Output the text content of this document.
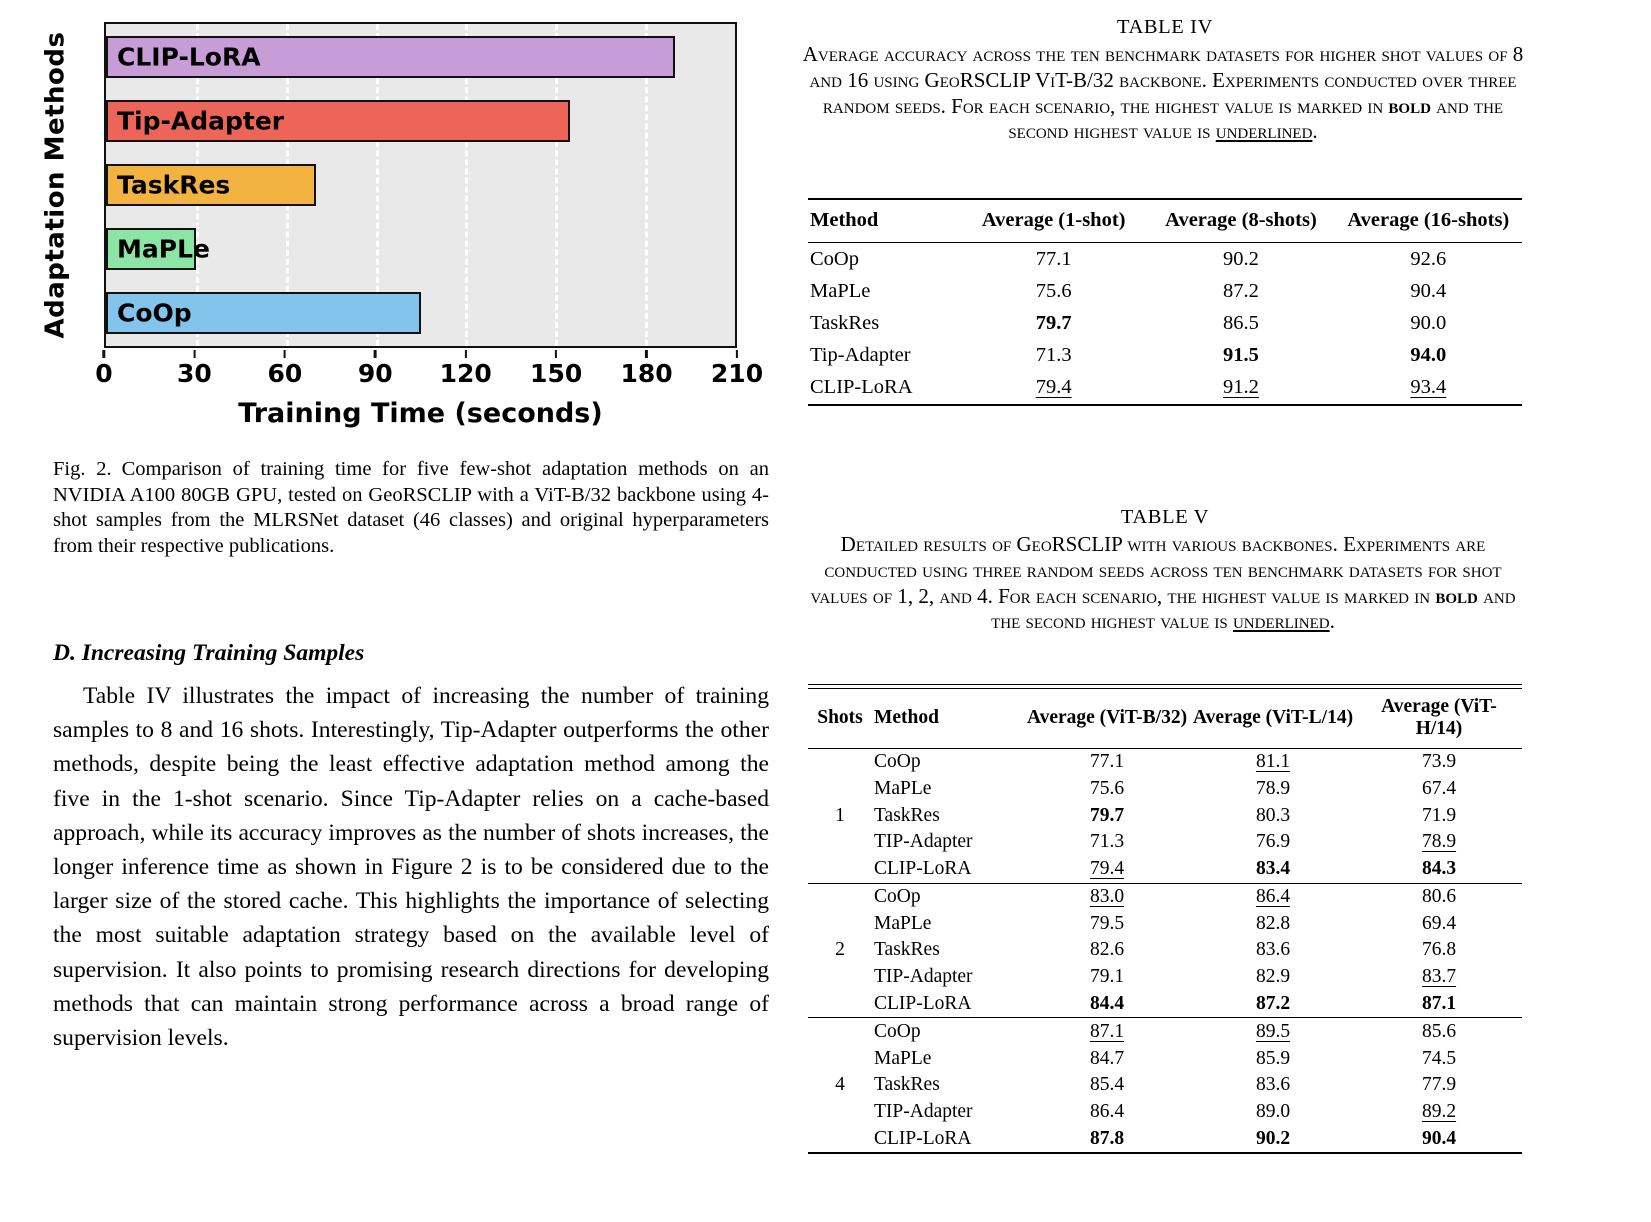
Adaptation Methods CLIP-LoRA
Tip-Adapter
TaskRes
MaPLe
CoOp
0	30 60 90 120 150 180 210
Training Time (seconds)

Fig. 2. Comparison of training time for five few-shot adaptation methods on an NVIDIA A100 80GB GPU, tested on GeoRSCLIP with a ViT-B/32 backbone using 4-shot samples from the MLRSNet dataset (46 classes) and original hyperparameters from their respective publications.

D. Increasing Training Samples

Table IV illustrates the impact of increasing the number of training samples to 8 and 16 shots. Interestingly, Tip-Adapter outperforms the other methods, despite being the least effective adaptation method among the five in the 1-shot scenario. Since Tip-Adapter relies on a cache-based approach, while its accuracy improves as the number of shots increases, the longer inference time as shown in Figure 2 is to be considered due to the larger size of the stored cache. This highlights the importance of selecting the most suitable adaptation strategy based on the available level of supervision. It also points to promising research directions for developing methods that can maintain strong performance across a broad range of supervision levels.

TABLE IV
Average accuracy across the ten benchmark datasets for higher shot values of 8 and 16 using GeoRSCLIP ViT-B/32 backbone. Experiments conducted over three random seeds. For each scenario, the highest value is marked in bold and the second highest value is underlined.
Method	Average (1-shot)	Average (8-shots)	Average (16-shots)
CoOp	77.1	90.2	92.6
MaPLe	75.6	87.2	90.4
TaskRes	79.7	86.5	90.0
Tip-Adapter	71.3	91.5	94.0
CLIP-LoRA	79.4	91.2	93.4
TABLE V
Detailed results of GeoRSCLIP with various backbones. Experiments are conducted using three random seeds across ten benchmark datasets for shot values of 1, 2, and 4. For each scenario, the highest value is marked in bold and the second highest value is underlined.
Shots	Method	Average (ViT-B/32)	Average (ViT-L/14)	Average (ViT-H/14)
1	CoOp	77.1	81.1	73.9
	MaPLe	75.6	78.9	67.4
	TaskRes	79.7	80.3	71.9
	TIP-Adapter	71.3	76.9	78.9
	CLIP-LoRA	79.4	83.4	84.3
2	CoOp	83.0	86.4	80.6
	MaPLe	79.5	82.8	69.4
	TaskRes	82.6	83.6	76.8
	TIP-Adapter	79.1	82.9	83.7
	CLIP-LoRA	84.4	87.2	87.1
4	CoOp	87.1	89.5	85.6
	MaPLe	84.7	85.9	74.5
	TaskRes	85.4	83.6	77.9
	TIP-Adapter	86.4	89.0	89.2
	CLIP-LoRA	87.8	90.2	90.4
